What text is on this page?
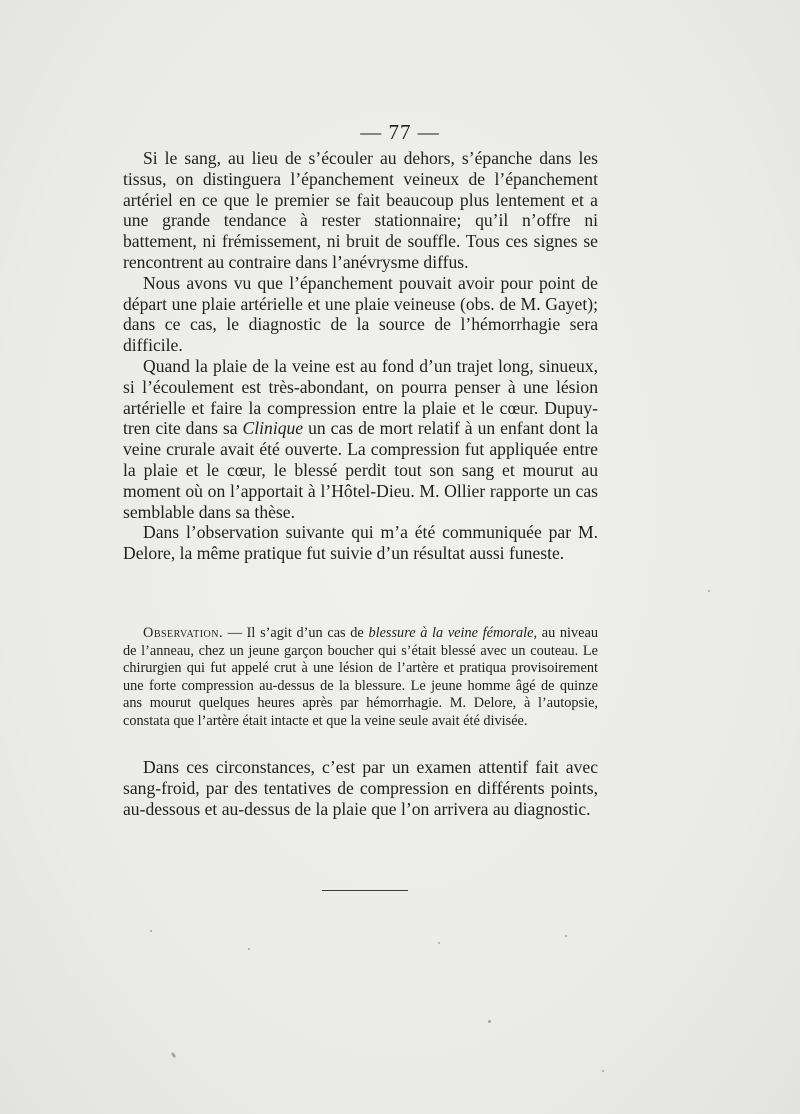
— 77 —

Si le sang, au lieu de s’écouler au dehors, s’épanche dans les tissus, on distinguera l’épanchement veineux de l’épanchement artériel en ce que le premier se fait beaucoup plus lentement et a une grande tendance à rester stationnaire; qu’il n’offre ni battement, ni frémissement, ni bruit de souffle. Tous ces signes se rencontrent au contraire dans l’anévrysme diffus.

Nous avons vu que l’épanchement pouvait avoir pour point de départ une plaie artérielle et une plaie veineuse (obs. de M. Gayet); dans ce cas, le diagnostic de la source de l’hémorrhagie sera difficile.

Quand la plaie de la veine est au fond d’un trajet long, sinueux, si l’écoulement est très-abondant, on pourra penser à une lésion artérielle et faire la compression entre la plaie et le cœur. Dupuytren cite dans sa Clinique un cas de mort relatif à un enfant dont la veine crurale avait été ouverte. La compression fut appliquée entre la plaie et le cœur, le blessé perdit tout son sang et mourut au moment où on l’apportait à l’Hôtel-Dieu. M. Ollier rapporte un cas semblable dans sa thèse.

Dans l’observation suivante qui m’a été communiquée par M. Delore, la même pratique fut suivie d’un résultat aussi funeste.

Observation. — Il s’agit d’un cas de blessure à la veine fémorale, au niveau de l’anneau, chez un jeune garçon boucher qui s’était blessé avec un couteau. Le chirurgien qui fut appelé crut à une lésion de l’artère et pratiqua provisoirement une forte compression au-dessus de la blessure. Le jeune homme âgé de quinze ans mourut quelques heures après par hémorrhagie. M. Delore, à l’autopsie, constata que l’artère était intacte et que la veine seule avait été divisée.

Dans ces circonstances, c’est par un examen attentif fait avec sang-froid, par des tentatives de compression en différents points, au-dessous et au-dessus de la plaie que l’on arrivera au diagnostic.
